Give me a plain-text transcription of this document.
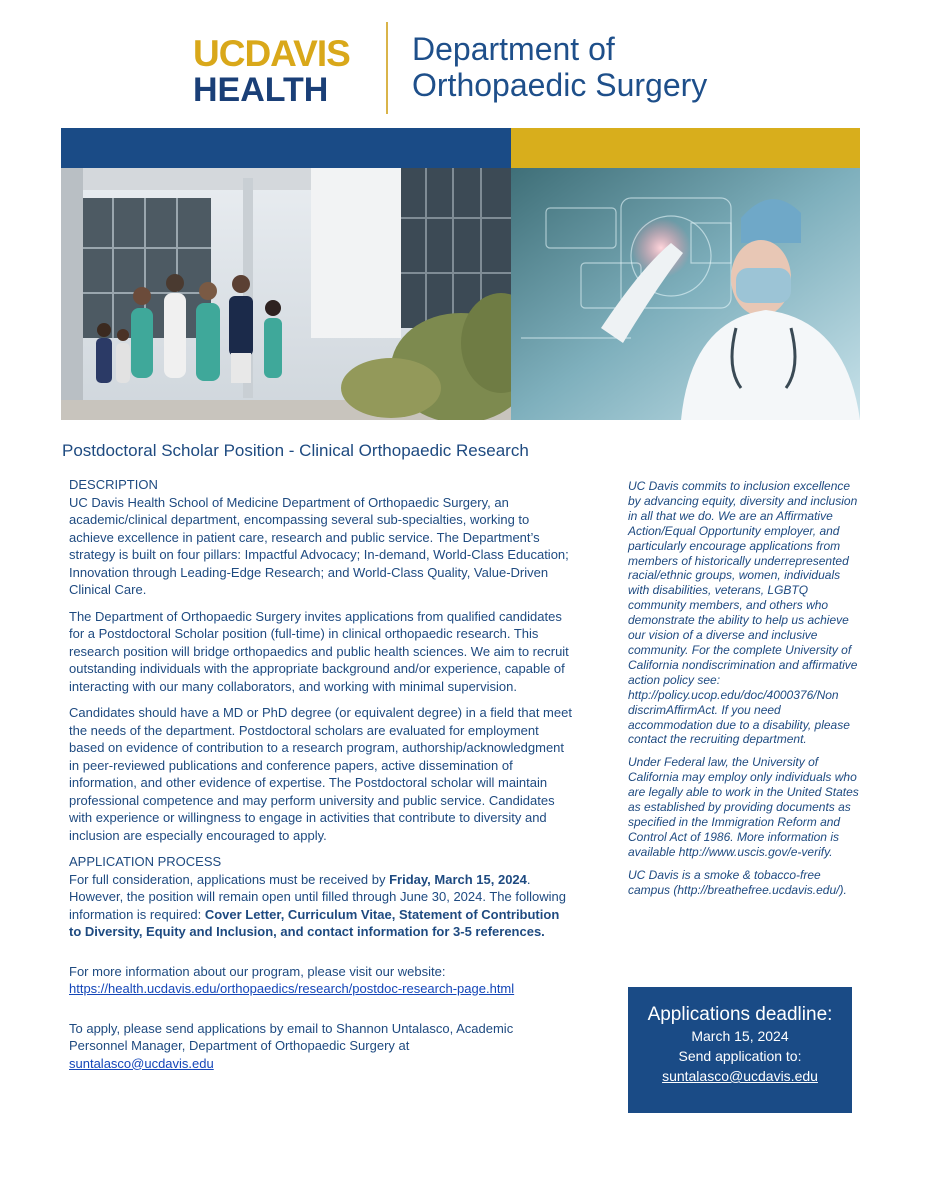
UCDAVIS
HEALTH
Department of
Orthopaedic Surgery
Postdoctoral Scholar Position - Clinical Orthopaedic Research

DESCRIPTION
UC Davis Health School of Medicine Department of Orthopaedic Surgery, an academic/clinical department, encompassing several sub-specialties, working to achieve excellence in patient care, research and public service. The Department’s strategy is built on four pillars: Impactful Advocacy; In-demand, World-Class Education; Innovation through Leading-Edge Research; and World-Class Quality, Value-Driven Clinical Care.

The Department of Orthopaedic Surgery invites applications from qualified candidates for a Postdoctoral Scholar position (full-time) in clinical orthopaedic research. This research position will bridge orthopaedics and public health sciences. We aim to recruit outstanding individuals with the appropriate background and/or experience, capable of interacting with our many collaborators, and working with minimal supervision.

Candidates should have a MD or PhD degree (or equivalent degree) in a field that meet the needs of the department. Postdoctoral scholars are evaluated for employment based on evidence of contribution to a research program, authorship/acknowledgment in peer-reviewed publications and conference papers, active dissemination of information, and other evidence of expertise. The Postdoctoral scholar will maintain professional competence and may perform university and public service. Candidates with experience or willingness to engage in activities that contribute to diversity and inclusion are especially encouraged to apply.

APPLICATION PROCESS
For full consideration, applications must be received by Friday, March 15, 2024. However, the position will remain open until filled through June 30, 2024. The following information is required: Cover Letter, Curriculum Vitae, Statement of Contribution to Diversity, Equity and Inclusion, and contact information for 3-5 references.

For more information about our program, please visit our website:
https://health.ucdavis.edu/orthopaedics/research/postdoc-research-page.html

To apply, please send applications by email to Shannon Untalasco, Academic Personnel Manager, Department of Orthopaedic Surgery at
suntalasco@ucdavis.edu

UC Davis commits to inclusion excellence by advancing equity, diversity and inclusion in all that we do. We are an Affirmative Action/Equal Opportunity employer, and particularly encourage applications from members of historically underrepresented racial/ethnic groups, women, individuals with disabilities, veterans, LGBTQ community members, and others who demonstrate the ability to help us achieve our vision of a diverse and inclusive community. For the complete University of California nondiscrimination and affirmative action policy see: http://policy.ucop.edu/doc/4000376/Non discrimAffirmAct. If you need accommodation due to a disability, please contact the recruiting department.

Under Federal law, the University of California may employ only individuals who are legally able to work in the United States as established by providing documents as specified in the Immigration Reform and Control Act of 1986. More information is available http://www.uscis.gov/e-verify.

UC Davis is a smoke & tobacco-free campus (http://breathefree.ucdavis.edu/).

Applications deadline:
March 15, 2024
Send application to:
suntalasco@ucdavis.edu
